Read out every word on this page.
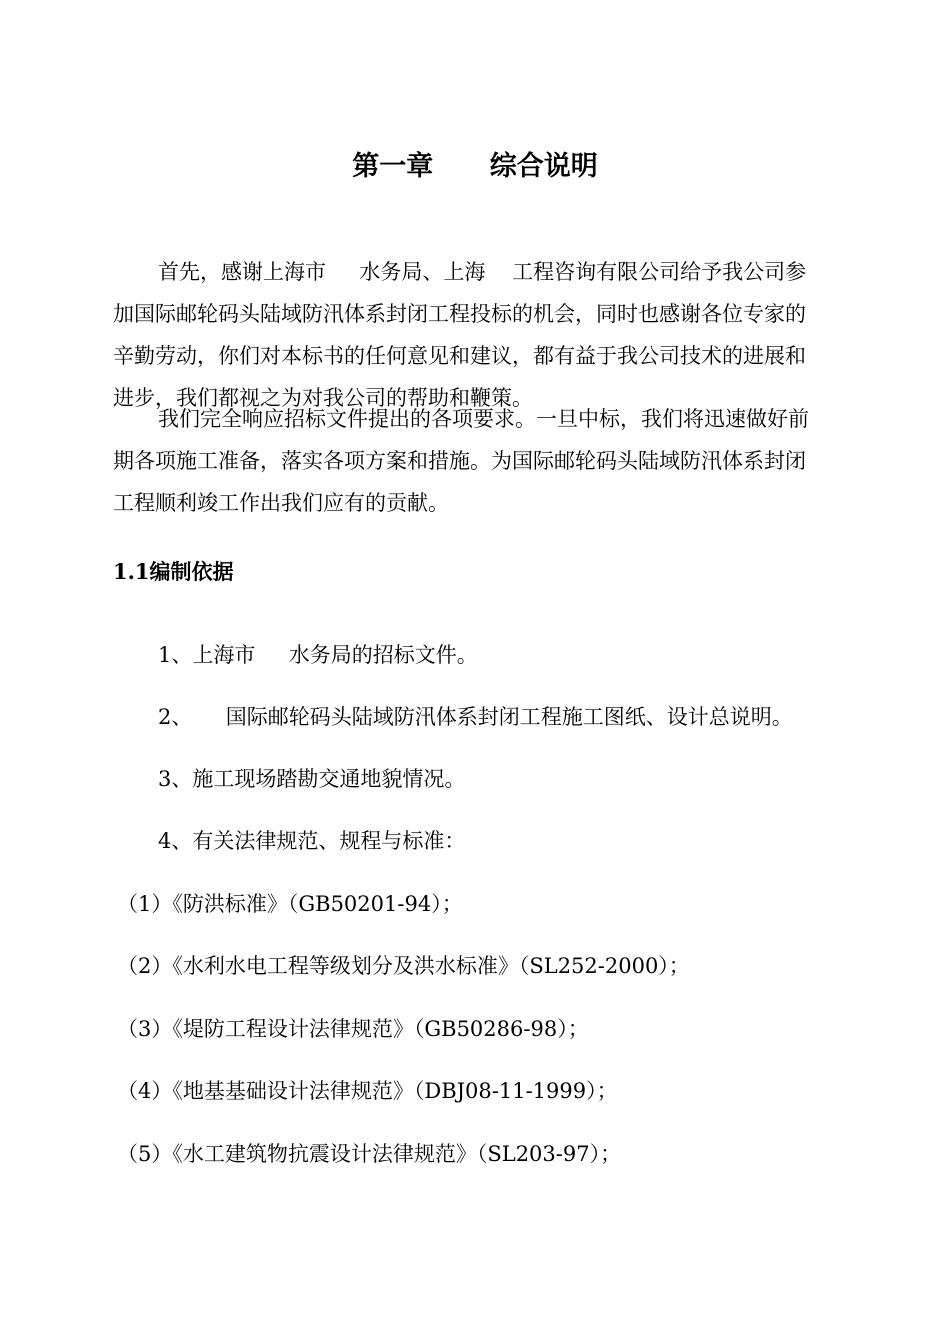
第一章      综合说明
首先，感谢上海市     水务局、上海    工程咨询有限公司给予我公司参
加国际邮轮码头陆域防汛体系封闭工程投标的机会，同时也感谢各位专家的
辛勤劳动，你们对本标书的任何意见和建议，都有益于我公司技术的进展和
进步，我们都视之为对我公司的帮助和鞭策。
我们完全响应招标文件提出的各项要求。一旦中标，我们将迅速做好前
期各项施工准备，落实各项方案和措施。为国际邮轮码头陆域防汛体系封闭
工程顺利竣工作出我们应有的贡献。
1.1编制依据
1、上海市     水务局的招标文件。
2、     国际邮轮码头陆域防汛体系封闭工程施工图纸、设计总说明。
3、施工现场踏勘交通地貌情况。
4、有关法律规范、规程与标准：
（1）《防洪标准》（GB50201-94）；
（2）《水利水电工程等级划分及洪水标准》（SL252-2000）；
（3）《堤防工程设计法律规范》（GB50286-98）；
（4）《地基基础设计法律规范》（DBJ08-11-1999）；
（5）《水工建筑物抗震设计法律规范》（SL203-97）；
